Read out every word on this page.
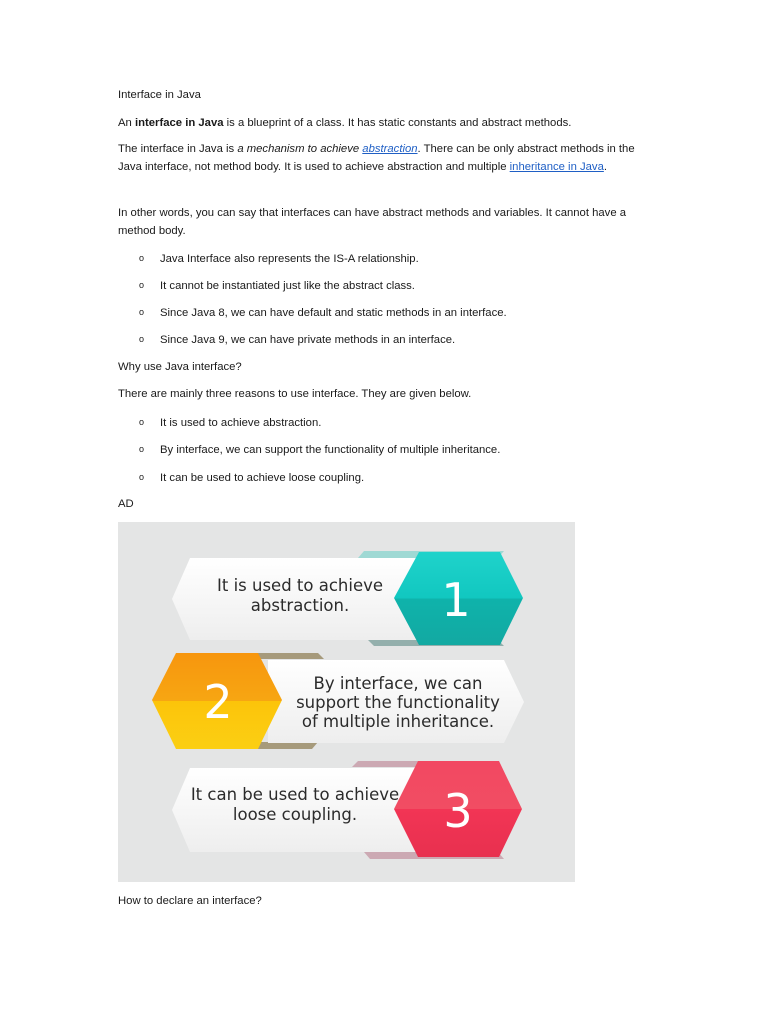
Interface in Java

An interface in Java is a blueprint of a class. It has static constants and abstract methods.

The interface in Java is a mechanism to achieve abstraction. There can be only abstract methods in the Java interface, not method body. It is used to achieve abstraction and multiple inheritance in Java.

In other words, you can say that interfaces can have abstract methods and variables. It cannot have a method body.

o Java Interface also represents the IS-A relationship.

o It cannot be instantiated just like the abstract class.

o Since Java 8, we can have default and static methods in an interface.

o Since Java 9, we can have private methods in an interface.

Why use Java interface?

There are mainly three reasons to use interface. They are given below.

o It is used to achieve abstraction.

o By interface, we can support the functionality of multiple inheritance.

o It can be used to achieve loose coupling.

AD

1
It is used to achieve
abstraction.
2	By interface, we can
support the functionality
of multiple inheritance.
3
It can be used to achieve
loose coupling.

How to declare an interface?
